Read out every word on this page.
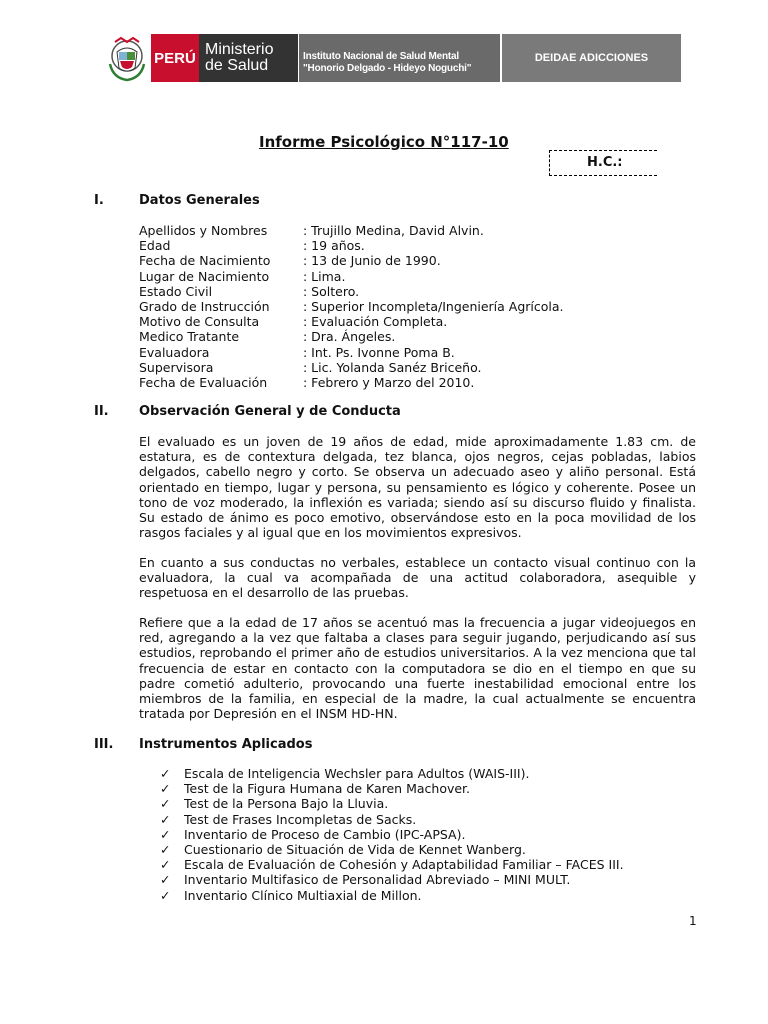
PERÚ Ministerio
de Salud
Instituto Nacional de Salud Mental
"Honorio Delgado - Hideyo Noguchi"
DEIDAE ADICCIONES
Informe Psicológico N°117-10
H.C.:
I.	Datos Generales
Apellidos y Nombres	: Trujillo Medina, David Alvin.
Edad	: 19 años.
Fecha de Nacimiento	: 13 de Junio de 1990.
Lugar de Nacimiento	: Lima.
Estado Civil	: Soltero.
Grado de Instrucción	: Superior Incompleta/Ingeniería Agrícola.
Motivo de Consulta	: Evaluación Completa.
Medico Tratante	: Dra. Ángeles.
Evaluadora	: Int. Ps. Ivonne Poma B.
Supervisora	: Lic. Yolanda Sanéz Briceño.
Fecha de Evaluación	: Febrero y Marzo del 2010.
II. Observación General y de Conducta

El evaluado es un joven de 19 años de edad, mide aproximadamente 1.83 cm. de estatura, es de contextura delgada, tez blanca, ojos negros, cejas pobladas, labios delgados, cabello negro y corto. Se observa un adecuado aseo y aliño personal. Está orientado en tiempo, lugar y persona, su pensamiento es lógico y coherente. Posee un tono de voz moderado, la inflexión es variada; siendo así su discurso fluido y finalista. Su estado de ánimo es poco emotivo, observándose esto en la poca movilidad de los rasgos faciales y al igual que en los movimientos expresivos.

En cuanto a sus conductas no verbales, establece un contacto visual continuo con la evaluadora, la cual va acompañada de una actitud colaboradora, asequible y respetuosa en el desarrollo de las pruebas.

Refiere que a la edad de 17 años se acentuó mas la frecuencia a jugar videojuegos en red, agregando a la vez que faltaba a clases para seguir jugando, perjudicando así sus estudios, reprobando el primer año de estudios universitarios. A la vez menciona que tal frecuencia de estar en contacto con la computadora se dio en el tiempo en que su padre cometió adulterio, provocando una fuerte inestabilidad emocional entre los miembros de la familia, en especial de la madre, la cual actualmente se encuentra tratada por Depresión en el INSM HD-HN.

III. Instrumentos Aplicados
✓	Escala de Inteligencia Wechsler para Adultos (WAIS-III).
✓	Test de la Figura Humana de Karen Machover.
✓	Test de la Persona Bajo la Lluvia.
✓	Test de Frases Incompletas de Sacks.
✓	Inventario de Proceso de Cambio (IPC-APSA).
✓	Cuestionario de Situación de Vida de Kennet Wanberg.
✓	Escala de Evaluación de Cohesión y Adaptabilidad Familiar – FACES III.
✓	Inventario Multifasico de Personalidad Abreviado – MINI MULT.
✓	Inventario Clínico Multiaxial de Millon.
1
